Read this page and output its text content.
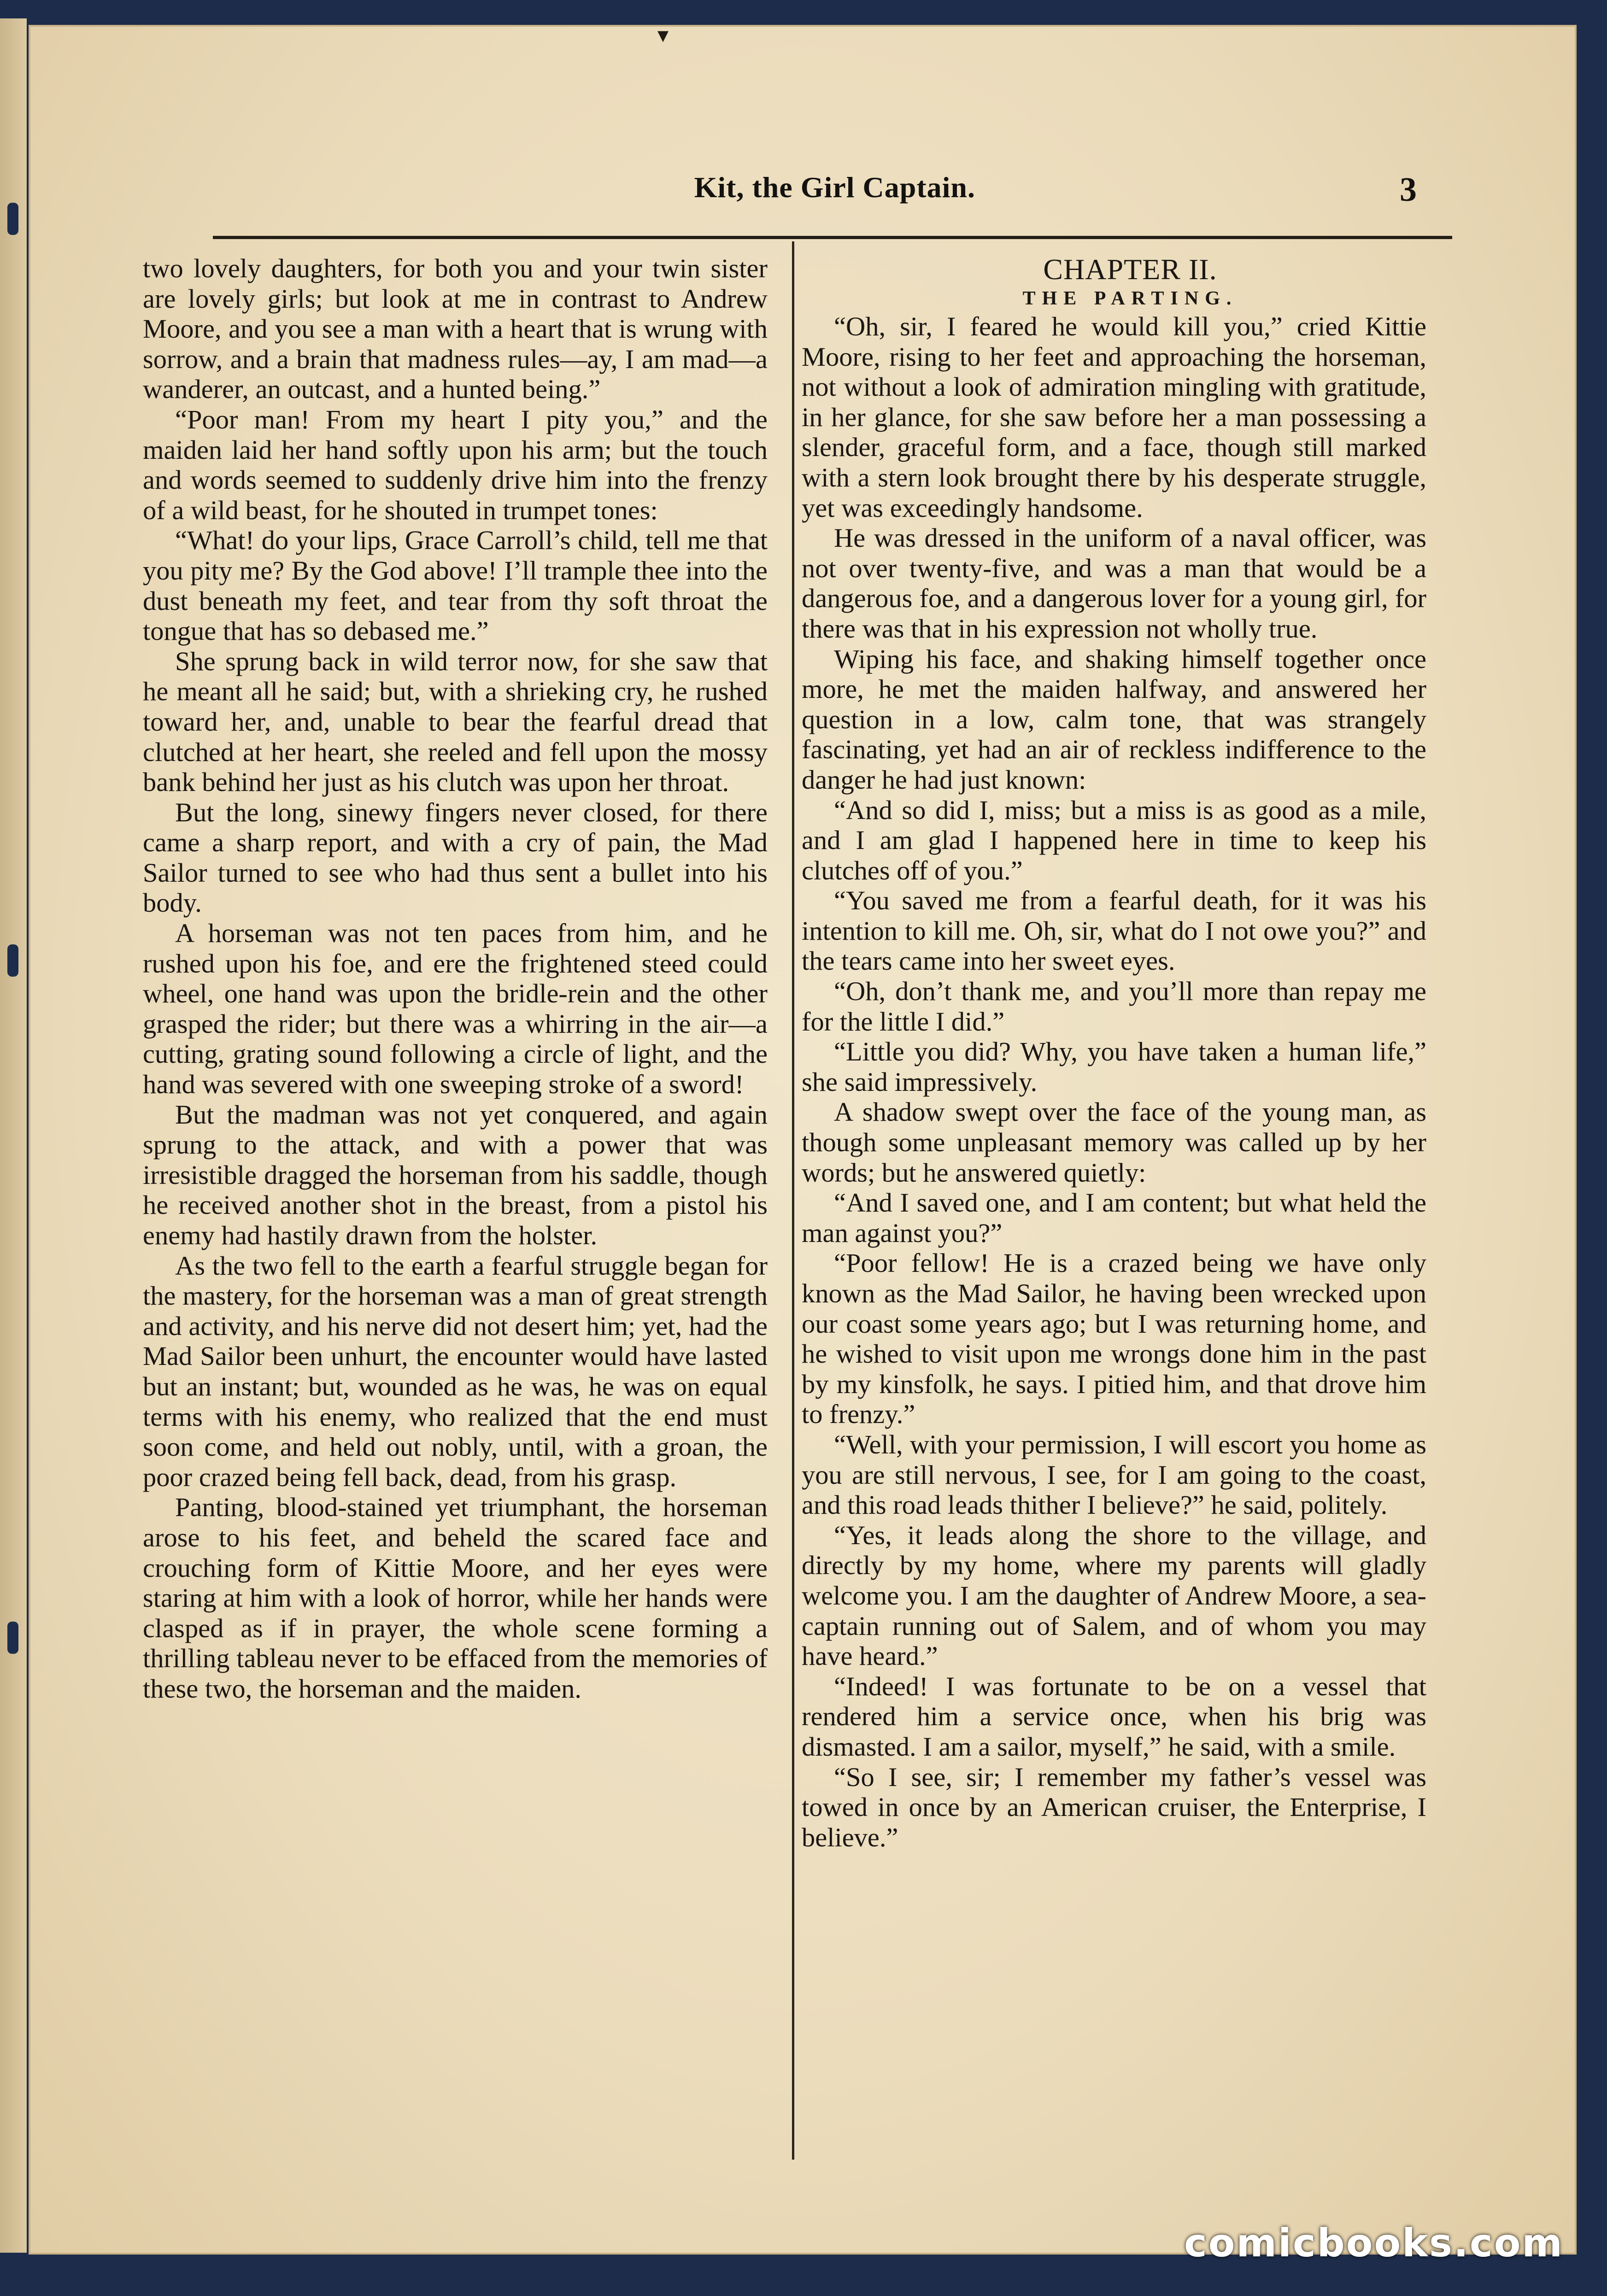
▾
Kit, the Girl Captain.	3

two lovely daughters, for both you and your twin sister are lovely girls; but look at me in contrast to Andrew Moore, and you see a man with a heart that is wrung with sorrow, and a brain that madness rules—ay, I am mad—a wanderer, an outcast, and a hunted being.”

“Poor man! From my heart I pity you,” and the maiden laid her hand softly upon his arm; but the touch and words seemed to suddenly drive him into the frenzy of a wild beast, for he shouted in trumpet tones:

“What! do your lips, Grace Carroll’s child, tell me that you pity me? By the God above! I’ll trample thee into the dust beneath my feet, and tear from thy soft throat the tongue that has so debased me.”

She sprung back in wild terror now, for she saw that he meant all he said; but, with a shrieking cry, he rushed toward her, and, unable to bear the fearful dread that clutched at her heart, she reeled and fell upon the mossy bank behind her just as his clutch was upon her throat.

But the long, sinewy fingers never closed, for there came a sharp report, and with a cry of pain, the Mad Sailor turned to see who had thus sent a bullet into his body.

A horseman was not ten paces from him, and he rushed upon his foe, and ere the frightened steed could wheel, one hand was upon the bridle-rein and the other grasped the rider; but there was a whirring in the air—a cutting, grating sound following a circle of light, and the hand was severed with one sweeping stroke of a sword!

But the madman was not yet conquered, and again sprung to the attack, and with a power that was irresistible dragged the horseman from his saddle, though he received another shot in the breast, from a pistol his enemy had hastily drawn from the holster.

As the two fell to the earth a fearful struggle began for the mastery, for the horseman was a man of great strength and activity, and his nerve did not desert him; yet, had the Mad Sailor been unhurt, the encounter would have lasted but an instant; but, wounded as he was, he was on equal terms with his enemy, who realized that the end must soon come, and held out nobly, until, with a groan, the poor crazed being fell back, dead, from his grasp.

Panting, blood-stained yet triumphant, the horseman arose to his feet, and beheld the scared face and crouching form of Kittie Moore, and her eyes were staring at him with a look of horror, while her hands were clasped as if in prayer, the whole scene forming a thrilling tableau never to be effaced from the memories of these two, the horseman and the maiden.

CHAPTER II.

THE PARTING.

“Oh, sir, I feared he would kill you,” cried Kittie Moore, rising to her feet and approaching the horseman, not without a look of admiration mingling with gratitude, in her glance, for she saw before her a man possessing a slender, graceful form, and a face, though still marked with a stern look brought there by his desperate struggle, yet was exceedingly handsome.

He was dressed in the uniform of a naval officer, was not over twenty-five, and was a man that would be a dangerous foe, and a dangerous lover for a young girl, for there was that in his expression not wholly true.

Wiping his face, and shaking himself together once more, he met the maiden halfway, and answered her question in a low, calm tone, that was strangely fascinating, yet had an air of reckless indifference to the danger he had just known:

“And so did I, miss; but a miss is as good as a mile, and I am glad I happened here in time to keep his clutches off of you.”

“You saved me from a fearful death, for it was his intention to kill me. Oh, sir, what do I not owe you?” and the tears came into her sweet eyes.

“Oh, don’t thank me, and you’ll more than repay me for the little I did.”

“Little you did? Why, you have taken a human life,” she said impressively.

A shadow swept over the face of the young man, as though some unpleasant memory was called up by her words; but he answered quietly:

“And I saved one, and I am content; but what held the man against you?”

“Poor fellow! He is a crazed being we have only known as the Mad Sailor, he having been wrecked upon our coast some years ago; but I was returning home, and he wished to visit upon me wrongs done him in the past by my kinsfolk, he says. I pitied him, and that drove him to frenzy.”

“Well, with your permission, I will escort you home as you are still nervous, I see, for I am going to the coast, and this road leads thither I believe?” he said, politely.

“Yes, it leads along the shore to the village, and directly by my home, where my parents will gladly welcome you. I am the daughter of Andrew Moore, a sea-captain running out of Salem, and of whom you may have heard.”

“Indeed! I was fortunate to be on a vessel that rendered him a service once, when his brig was dismasted. I am a sailor, myself,” he said, with a smile.

“So I see, sir; I remember my father’s vessel was towed in once by an American cruiser, the Enterprise, I believe.”

comicbooks.com
